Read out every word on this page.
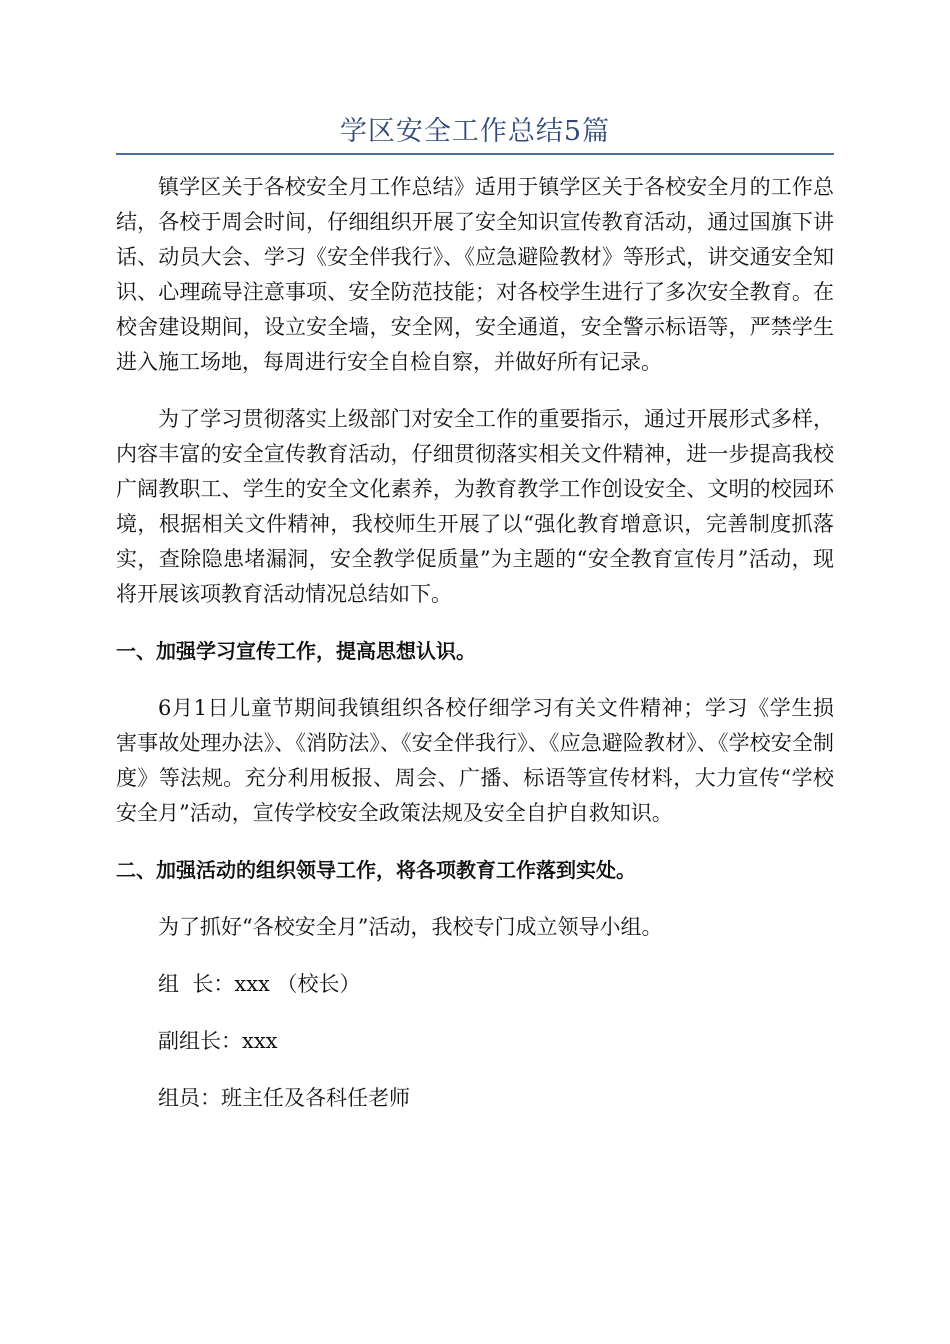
学区安全工作总结5篇

镇学区关于各校安全月工作总结》适用于镇学区关于各校安全月的工作总结，各校于周会时间，仔细组织开展了安全知识宣传教育活动，通过国旗下讲话、动员大会、学习《安全伴我行》、《应急避险教材》等形式，讲交通安全知识、心理疏导注意事项、安全防范技能；对各校学生进行了多次安全教育。在校舍建设期间，设立安全墙，安全网，安全通道，安全警示标语等，严禁学生进入施工场地，每周进行安全自检自察，并做好所有记录。

为了学习贯彻落实上级部门对安全工作的重要指示，通过开展形式多样，内容丰富的安全宣传教育活动，仔细贯彻落实相关文件精神，进一步提高我校广阔教职工、学生的安全文化素养，为教育教学工作创设安全、文明的校园环境，根据相关文件精神，我校师生开展了以“强化教育增意识，完善制度抓落实，查除隐患堵漏洞，安全教学促质量”为主题的“安全教育宣传月”活动，现将开展该项教育活动情况总结如下。

一、加强学习宣传工作，提高思想认识。

6月1日儿童节期间我镇组织各校仔细学习有关文件精神；学习《学生损害事故处理办法》、《消防法》、《安全伴我行》、《应急避险教材》、《学校安全制度》等法规。充分利用板报、周会、广播、标语等宣传材料，大力宣传“学校安全月”活动，宣传学校安全政策法规及安全自护自救知识。

二、加强活动的组织领导工作，将各项教育工作落到实处。

为了抓好“各校安全月”活动，我校专门成立领导小组。

组  长：xxx （校长）

副组长：xxx

组员：班主任及各科任老师
